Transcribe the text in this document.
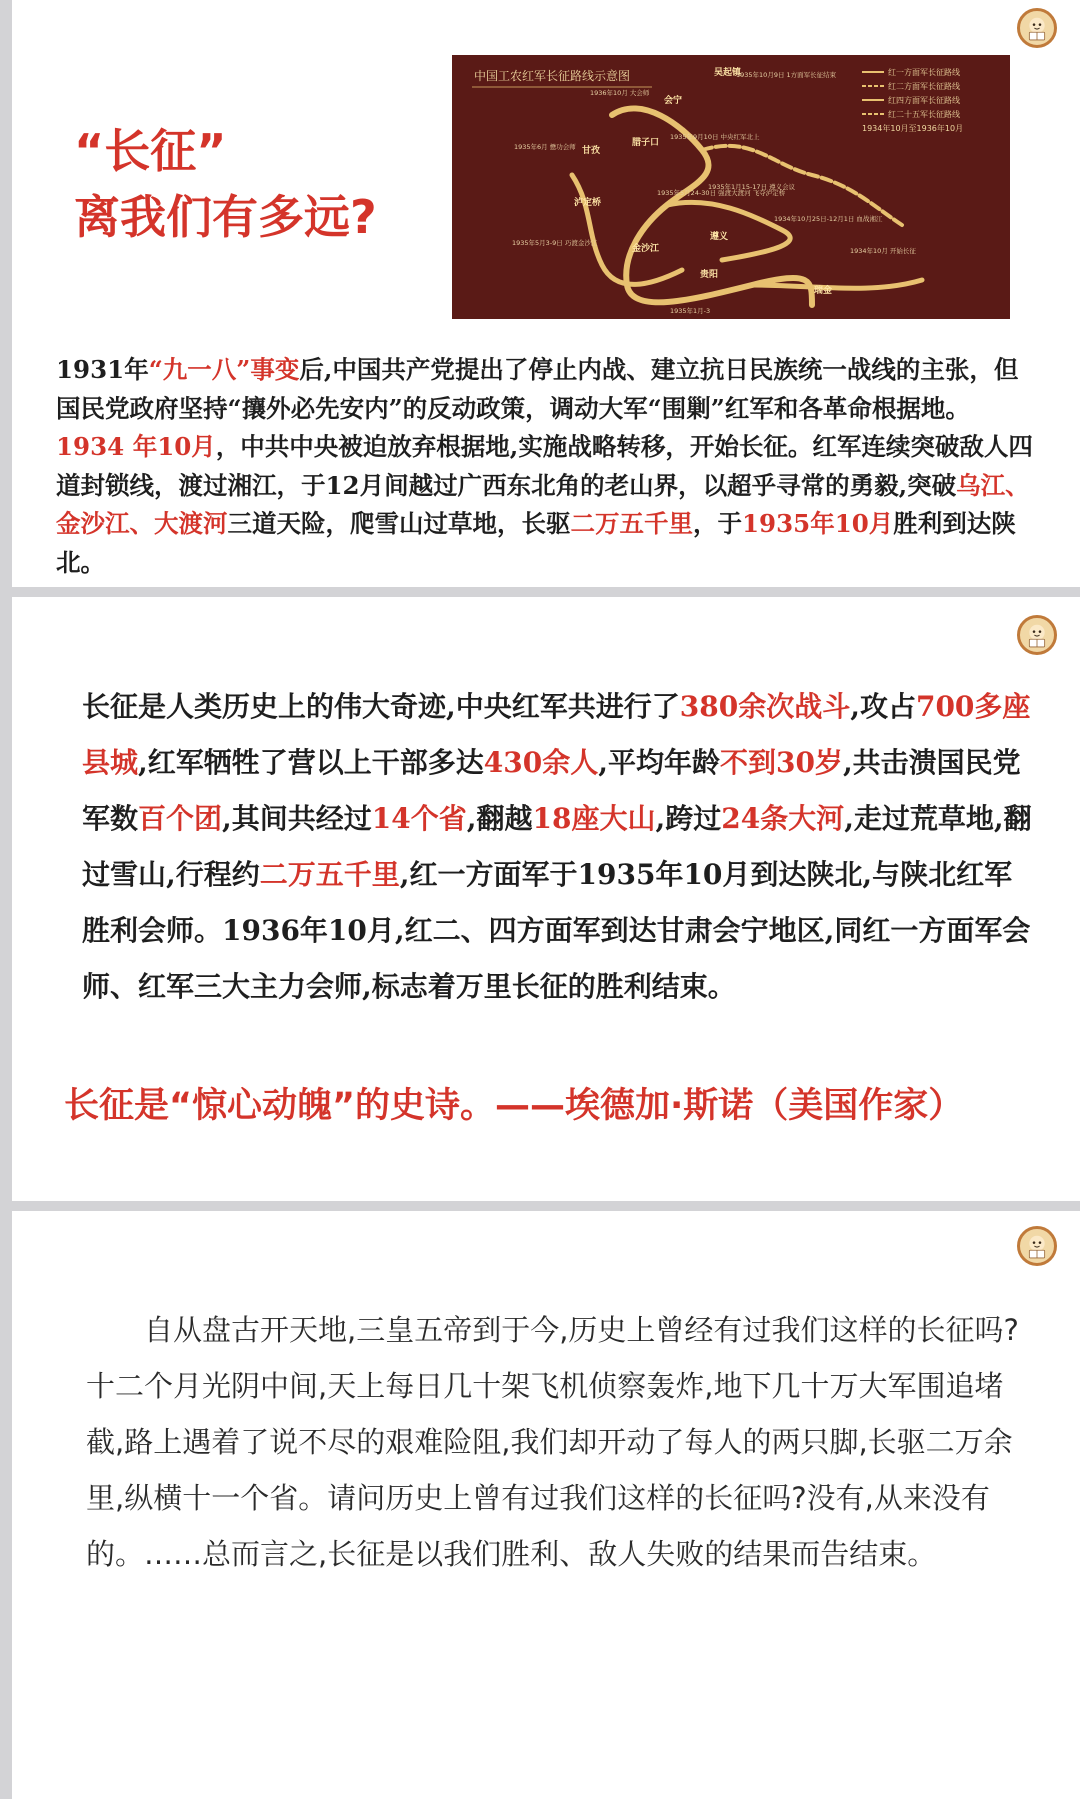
“长征”
离我们有多远?
中国工农红军长征路线示意图	红一方面军长征路线
红二方面军长征路线
红四方面军长征路线
红二十五军长征路线
1934年10月至1936年10月
吴起镇
会宁
腊子口
甘孜
泸定桥
金沙江
遵义
贵阳
瑞金
1935年10月9日 1方面军长征结束
1936年10月 大会师
1935年6月 懋功会师
1935年9月10日 中央红军北上
1935年5月24-30日 强渡大渡河 飞夺泸定桥
1935年1月15-17日 遵义会议
1934年10月25日-12月1日 血战湘江
1935年5月3-9日 巧渡金沙江
1934年10月 开始长征
1935年1月-3

1931年“九一八”事变后,中国共产党提出了停止内战、建立抗日民族统一战线的主张，但国民党政府坚持“攘外必先安内”的反动政策，调动大军“围剿”红军和各革命根据地。1934 年10月，中共中央被迫放弃根据地,实施战略转移，开始长征。红军连续突破敌人四道封锁线，渡过湘江，于12月间越过广西东北角的老山界，以超乎寻常的勇毅,突破乌江、金沙江、大渡河三道天险，爬雪山过草地，长驱二万五千里，于1935年10月胜利到达陕北。

长征是人类历史上的伟大奇迹,中央红军共进行了380余次战斗,攻占700多座县城,红军牺牲了营以上干部多达430余人,平均年龄不到30岁,共击溃国民党军数百个团,其间共经过14个省,翻越18座大山,跨过24条大河,走过荒草地,翻过雪山,行程约二万五千里,红一方面军于1935年10月到达陕北,与陕北红军胜利会师。1936年10月,红二、四方面军到达甘肃会宁地区,同红一方面军会师、红军三大主力会师,标志着万里长征的胜利结束。

长征是“惊心动魄”的史诗。——埃德加·斯诺（美国作家）

自从盘古开天地,三皇五帝到于今,历史上曾经有过我们这样的长征吗?十二个月光阴中间,天上每日几十架飞机侦察轰炸,地下几十万大军围追堵截,路上遇着了说不尽的艰难险阻,我们却开动了每人的两只脚,长驱二万余里,纵横十一个省。请问历史上曾有过我们这样的长征吗?没有,从来没有的。……总而言之,长征是以我们胜利、敌人失败的结果而告结束。
